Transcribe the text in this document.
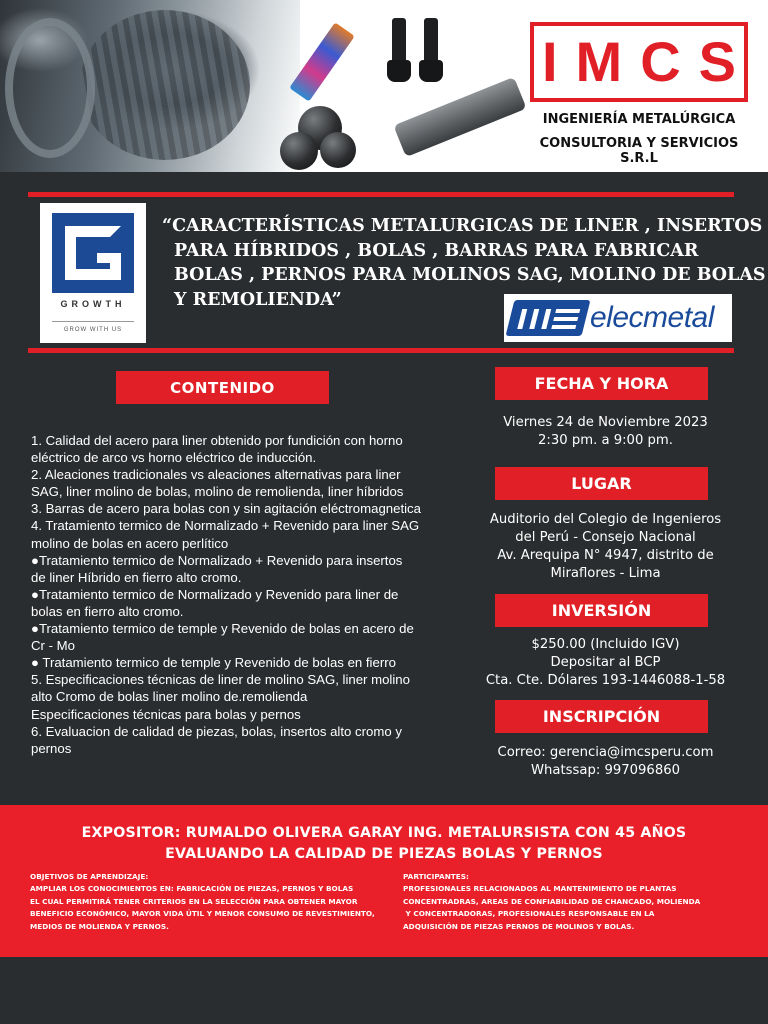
IMCS
INGENIERÍA METALÚRGICA
CONSULTORIA Y SERVICIOS S.R.L
GROWTH
GROW WITH US
“CARACTERÍSTICAS METALURGICAS DE LINER , INSERTOS
PARA HÍBRIDOS , BOLAS , BARRAS PARA FABRICAR
BOLAS , PERNOS PARA MOLINOS SAG, MOLINO DE BOLAS
Y REMOLIENDA”
elecmetal
CONTENIDO
1. Calidad del acero para liner obtenido por fundición con horno
eléctrico de arco vs horno eléctrico de inducción.
2. Aleaciones tradicionales vs aleaciones alternativas para liner
SAG, liner molino de bolas, molino de remolienda, liner híbridos
3. Barras de acero para bolas con y sin agitación eléctromagnetica
4. Tratamiento termico de Normalizado + Revenido para liner SAG
molino de bolas en acero perlítico
●Tratamiento termico de Normalizado + Revenido para insertos
de liner Híbrido en fierro alto cromo.
●Tratamiento termico de Normalizado y Revenido para liner de
bolas en fierro alto cromo.
●Tratamiento termico de temple y Revenido de bolas en acero de
Cr - Mo
● Tratamiento termico de temple y Revenido de bolas en fierro
5. Especificaciones técnicas de liner de molino SAG, liner molino
alto Cromo de bolas liner molino de.remolienda
Especificaciones técnicas para bolas y pernos
6. Evaluacion de calidad de piezas, bolas, insertos alto cromo y
pernos
FECHA Y HORA
Viernes 24 de Noviembre 2023
2:30 pm. a 9:00 pm.
LUGAR
Auditorio del Colegio de Ingenieros
del Perú - Consejo Nacional
Av. Arequipa N° 4947, distrito de
Miraflores - Lima
INVERSIÓN
$250.00 (Incluido IGV)
Depositar al BCP
Cta. Cte. Dólares 193-1446088-1-58
INSCRIPCIÓN
Correo: gerencia@imcsperu.com
Whatssap: 997096860
EXPOSITOR: RUMALDO OLIVERA GARAY ING. METALURSISTA CON 45 AÑOS
EVALUANDO LA CALIDAD DE PIEZAS BOLAS Y PERNOS
OBJETIVOS DE APRENDIZAJE:
AMPLIAR LOS CONOCIMIENTOS EN: FABRICACIÓN DE PIEZAS, PERNOS Y BOLAS
EL CUAL PERMITIRÁ TENER CRITERIOS EN LA SELECCIÓN PARA OBTENER MAYOR
BENEFICIO ECONÓMICO, MAYOR VIDA ÚTIL Y MENOR CONSUMO DE REVESTIMIENTO,
MEDIOS DE MOLIENDA Y PERNOS.
PARTICIPANTES:
PROFESIONALES RELACIONADOS AL MANTENIMIENTO DE PLANTAS
CONCENTRADRAS, AREAS DE CONFIABILIDAD DE CHANCADO, MOLIENDA
Y CONCENTRADORAS, PROFESIONALES RESPONSABLE EN LA
ADQUISICIÓN DE PIEZAS PERNOS DE MOLINOS Y BOLAS.
